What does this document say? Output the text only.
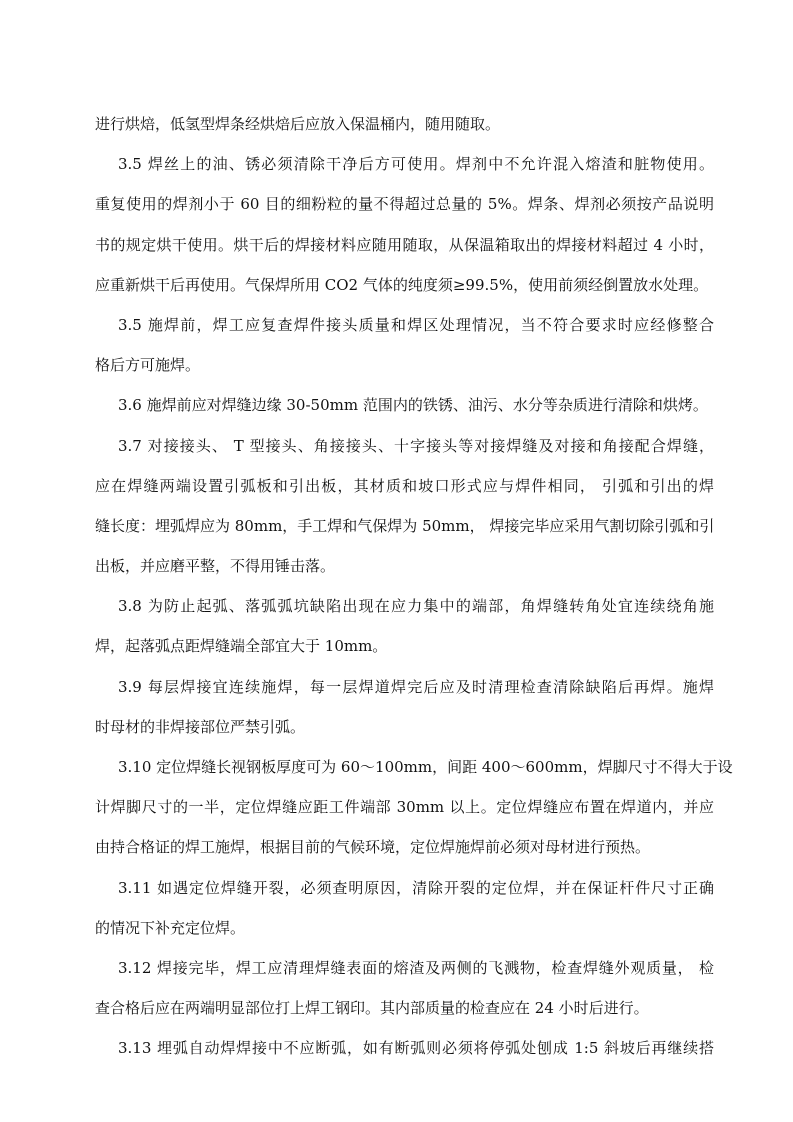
进行烘焙，低氢型焊条经烘焙后应放入保温桶内，随用随取。
3.5 焊丝上的油、锈必须清除干净后方可使用。焊剂中不允许混入熔渣和脏物使用。
重复使用的焊剂小于 60 目的细粉粒的量不得超过总量的 5%。焊条、焊剂必须按产品说明
书的规定烘干使用。烘干后的焊接材料应随用随取，从保温箱取出的焊接材料超过 4 小时，
应重新烘干后再使用。气保焊所用 CO2 气体的纯度须≥99.5%，使用前须经倒置放水处理。
3.5 施焊前，焊工应复查焊件接头质量和焊区处理情况，当不符合要求时应经修整合
格后方可施焊。
3.6 施焊前应对焊缝边缘 30-50mm 范围内的铁锈、油污、水分等杂质进行清除和烘烤。
3.7 对接接头、 T 型接头、角接接头、十字接头等对接焊缝及对接和角接配合焊缝，
应在焊缝两端设置引弧板和引出板，其材质和坡口形式应与焊件相同， 引弧和引出的焊
缝长度：埋弧焊应为 80mm，手工焊和气保焊为 50mm， 焊接完毕应采用气割切除引弧和引
出板，并应磨平整，不得用锤击落。
3.8 为防止起弧、落弧弧坑缺陷出现在应力集中的端部，角焊缝转角处宜连续绕角施
焊，起落弧点距焊缝端全部宜大于 10mm。
3.9 每层焊接宜连续施焊，每一层焊道焊完后应及时清理检查清除缺陷后再焊。施焊
时母材的非焊接部位严禁引弧。
3.10 定位焊缝长视钢板厚度可为 60～100mm，间距 400～600mm，焊脚尺寸不得大于设
计焊脚尺寸的一半，定位焊缝应距工件端部 30mm 以上。定位焊缝应布置在焊道内，并应
由持合格证的焊工施焊，根据目前的气候环境，定位焊施焊前必须对母材进行预热。
3.11 如遇定位焊缝开裂，必须查明原因，清除开裂的定位焊，并在保证杆件尺寸正确
的情况下补充定位焊。
3.12 焊接完毕，焊工应清理焊缝表面的熔渣及两侧的飞溅物，检查焊缝外观质量， 检
查合格后应在两端明显部位打上焊工钢印。其内部质量的检查应在 24 小时后进行。
3.13 埋弧自动焊焊接中不应断弧，如有断弧则必须将停弧处刨成 1:5 斜坡后再继续搭
